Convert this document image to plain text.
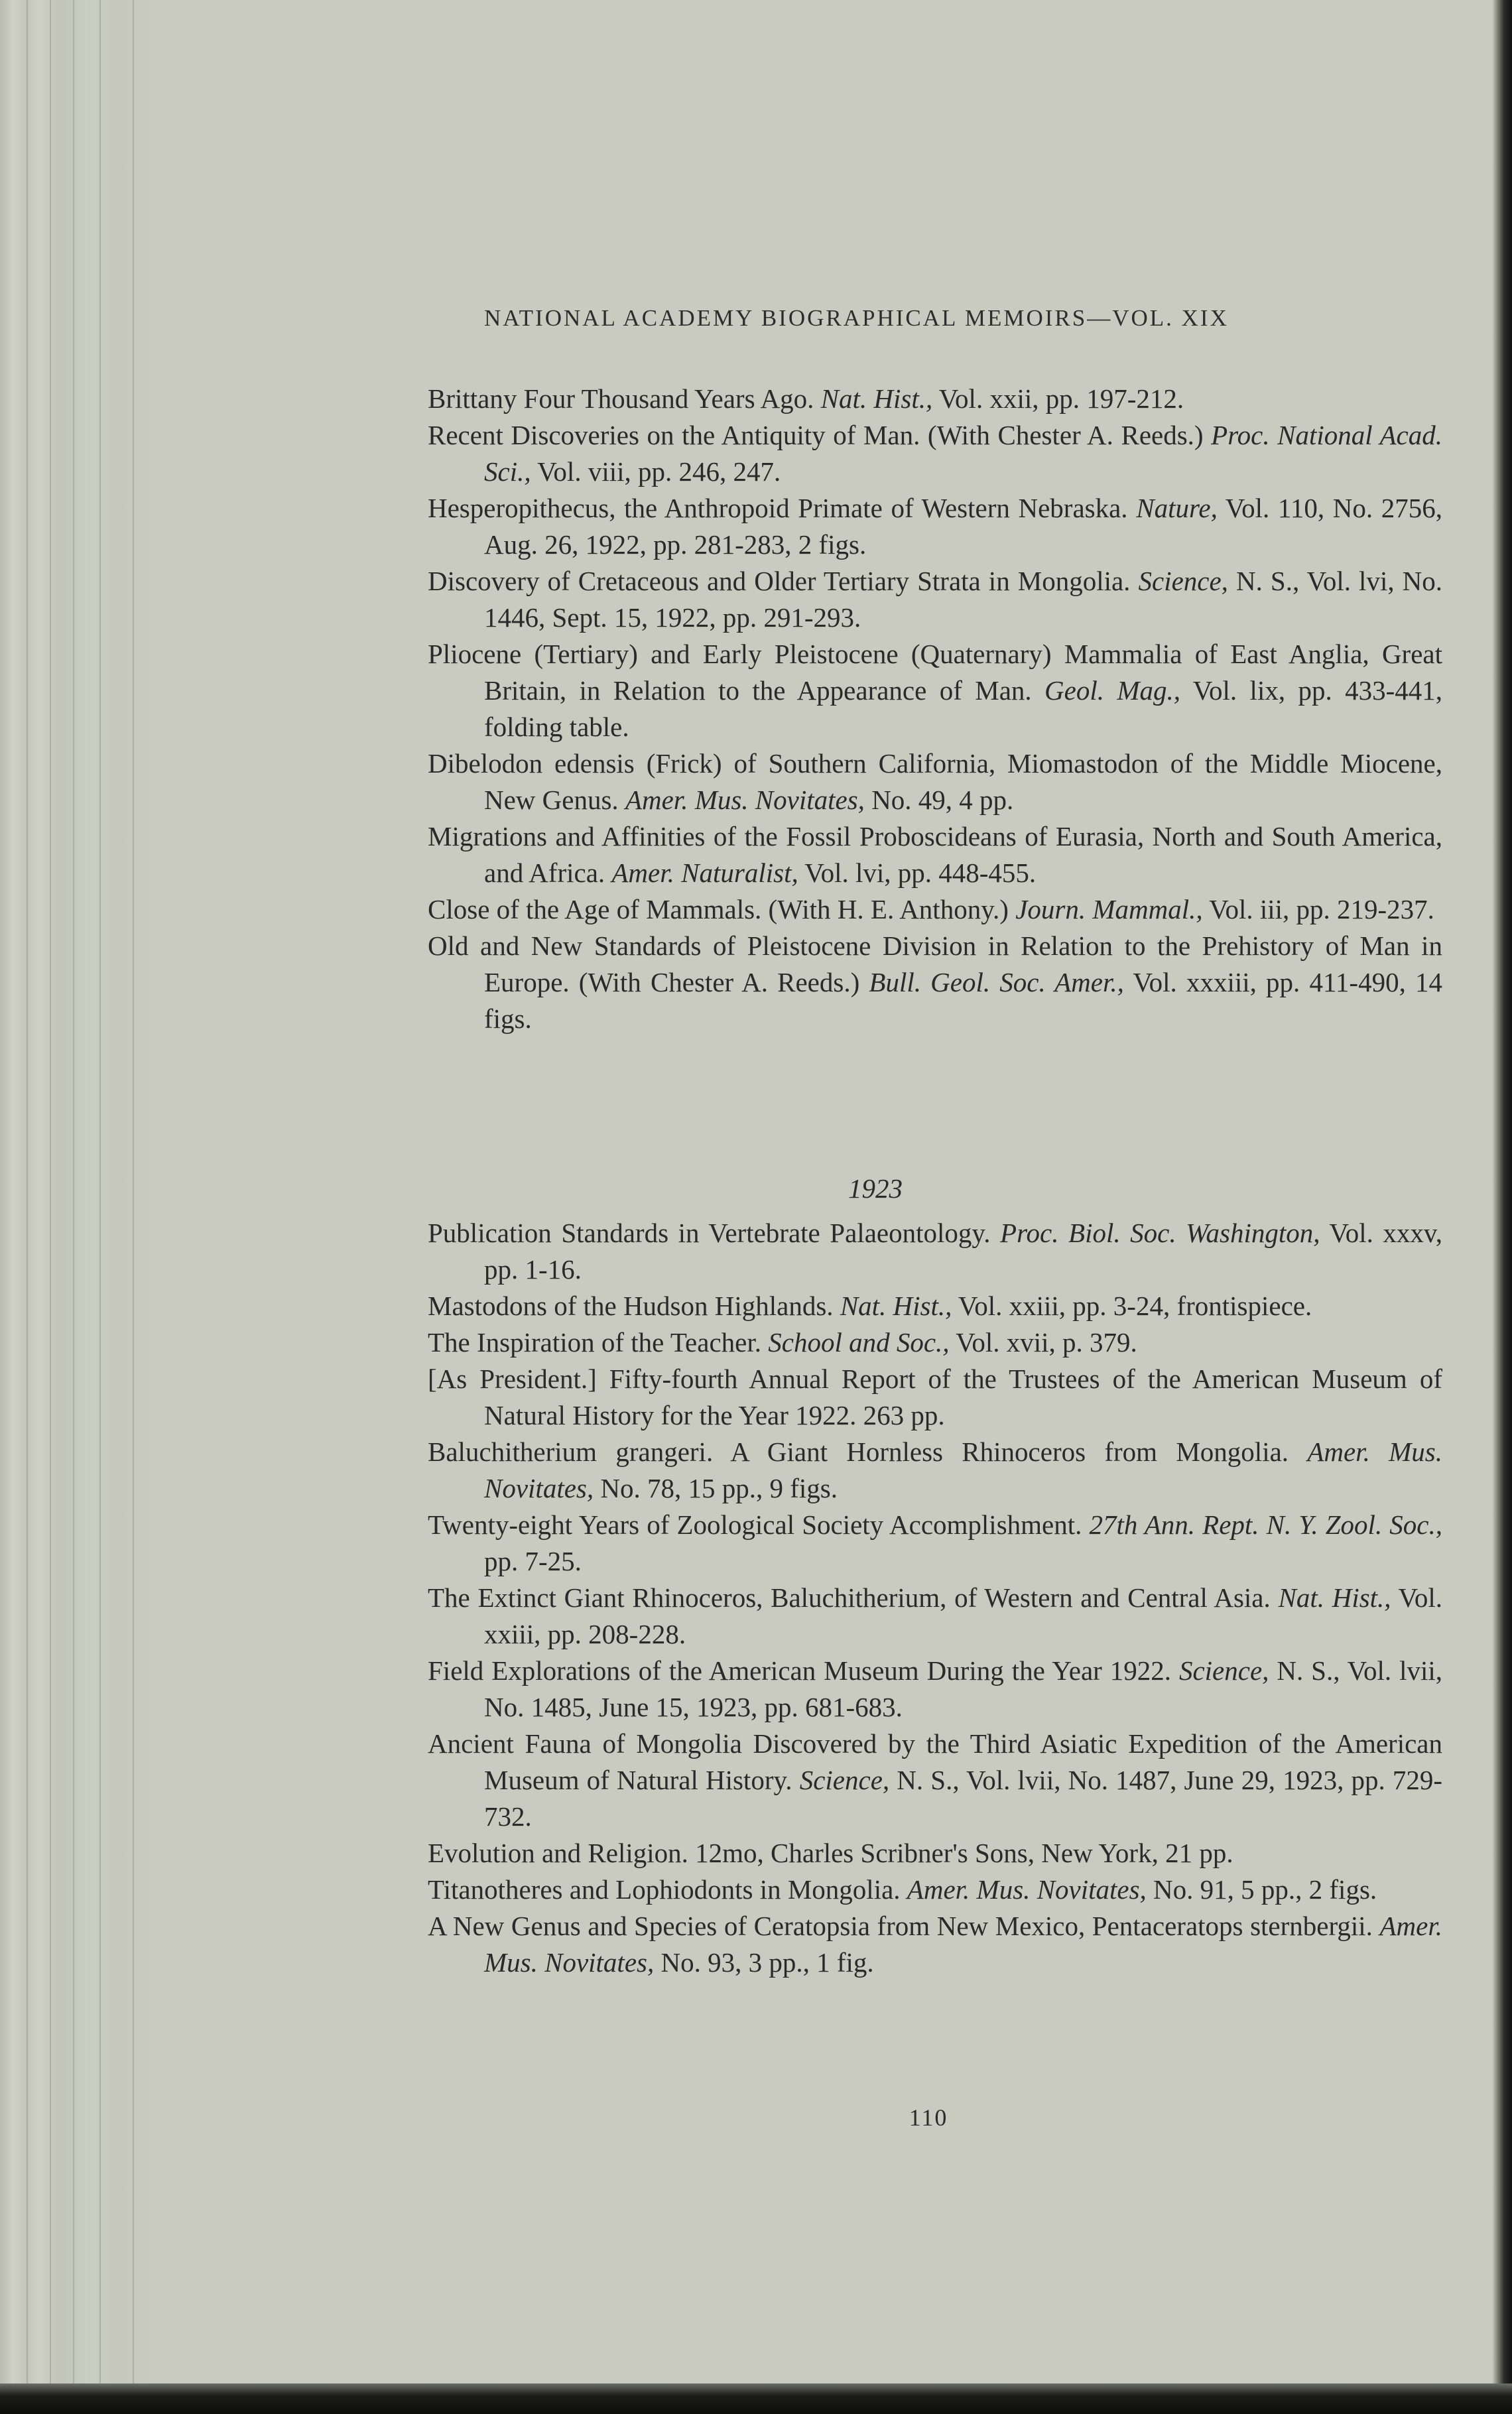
NATIONAL ACADEMY BIOGRAPHICAL MEMOIRS—VOL. XIX

Brittany Four Thousand Years Ago. Nat. Hist., Vol. xxii, pp. 197-212.

Recent Discoveries on the Antiquity of Man. (With Chester A. Reeds.) Proc. National Acad. Sci., Vol. viii, pp. 246, 247.

Hesperopithecus, the Anthropoid Primate of Western Nebraska. Nature, Vol. 110, No. 2756, Aug. 26, 1922, pp. 281-283, 2 figs.

Discovery of Cretaceous and Older Tertiary Strata in Mongolia. Science, N. S., Vol. lvi, No. 1446, Sept. 15, 1922, pp. 291-293.

Pliocene (Tertiary) and Early Pleistocene (Quaternary) Mammalia of East Anglia, Great Britain, in Relation to the Appearance of Man. Geol. Mag., Vol. lix, pp. 433-441, folding table.

Dibelodon edensis (Frick) of Southern California, Miomastodon of the Middle Miocene, New Genus. Amer. Mus. Novitates, No. 49, 4 pp.

Migrations and Affinities of the Fossil Proboscideans of Eurasia, North and South America, and Africa. Amer. Naturalist, Vol. lvi, pp. 448-455.

Close of the Age of Mammals. (With H. E. Anthony.) Journ. Mammal., Vol. iii, pp. 219-237.

Old and New Standards of Pleistocene Division in Relation to the Prehistory of Man in Europe. (With Chester A. Reeds.) Bull. Geol. Soc. Amer., Vol. xxxiii, pp. 411-490, 14 figs.

1923

Publication Standards in Vertebrate Palaeontology. Proc. Biol. Soc. Washington, Vol. xxxv, pp. 1-16.

Mastodons of the Hudson Highlands. Nat. Hist., Vol. xxiii, pp. 3-24, frontispiece.

The Inspiration of the Teacher. School and Soc., Vol. xvii, p. 379.

[As President.] Fifty-fourth Annual Report of the Trustees of the American Museum of Natural History for the Year 1922. 263 pp.

Baluchitherium grangeri. A Giant Hornless Rhinoceros from Mongolia. Amer. Mus. Novitates, No. 78, 15 pp., 9 figs.

Twenty-eight Years of Zoological Society Accomplishment. 27th Ann. Rept. N. Y. Zool. Soc., pp. 7-25.

The Extinct Giant Rhinoceros, Baluchitherium, of Western and Central Asia. Nat. Hist., Vol. xxiii, pp. 208-228.

Field Explorations of the American Museum During the Year 1922. Science, N. S., Vol. lvii, No. 1485, June 15, 1923, pp. 681-683.

Ancient Fauna of Mongolia Discovered by the Third Asiatic Expedition of the American Museum of Natural History. Science, N. S., Vol. lvii, No. 1487, June 29, 1923, pp. 729-732.

Evolution and Religion. 12mo, Charles Scribner's Sons, New York, 21 pp.

Titanotheres and Lophiodonts in Mongolia. Amer. Mus. Novitates, No. 91, 5 pp., 2 figs.

A New Genus and Species of Ceratopsia from New Mexico, Pentaceratops sternbergii. Amer. Mus. Novitates, No. 93, 3 pp., 1 fig.

110
